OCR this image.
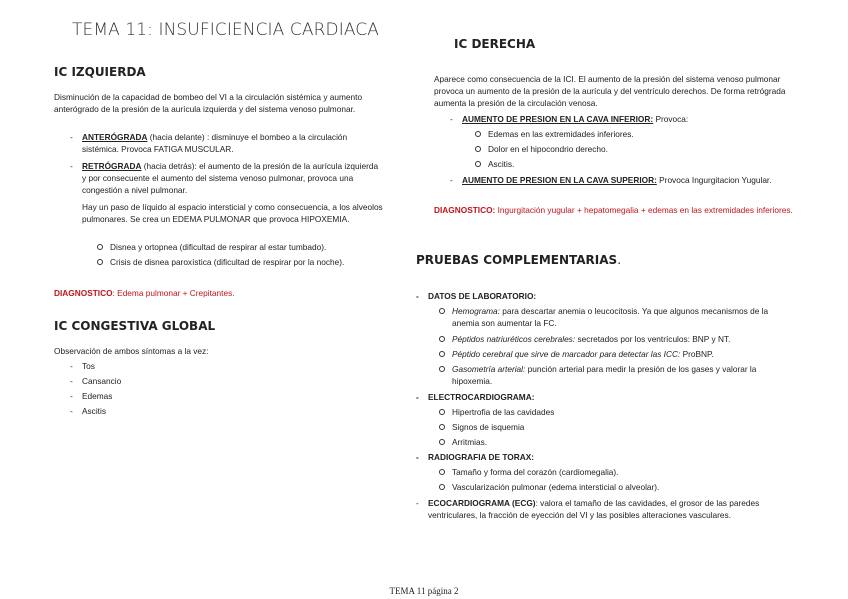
TEMA 11: INSUFICIENCIA CARDIACA
IC IZQUIERDA
Disminución de la capacidad de bombeo del VI a la circulación sistémica y aumento anterógrado de la presión de la aurícula izquierda y del sistema venoso pulmonar.
- ANTERÓGRADA (hacia delante) : disminuye el bombeo a la circulación sistémica. Provoca FATIGA MUSCULAR.
- RETRÓGRADA (hacia detrás): el aumento de la presión de la aurícula izquierda y por consecuente el aumento del sistema venoso pulmonar, provoca una congestión a nivel pulmonar.
Hay un paso de líquido al espacio intersticial y como consecuencia, a los alveolos pulmonares. Se crea un EDEMA PULMONAR que provoca HIPOXEMIA.
Disnea y ortopnea (dificultad de respirar al estar tumbado).
Crisis de disnea paroxística (dificultad de respirar por la noche).
DIAGNOSTICO: Edema pulmonar + Crepitantes.
IC CONGESTIVA GLOBAL
Observación de ambos síntomas a la vez:
- Tos
- Cansancio
- Edemas
- Ascitis
IC DERECHA
Aparece como consecuencia de la ICI. El aumento de la presión del sistema venoso pulmonar provoca un aumento de la presión de la aurícula y del ventrículo derechos. De forma retrógrada aumenta la presión de la circulación venosa.
- AUMENTO DE PRESION EN LA CAVA INFERIOR: Provoca:
Edemas en las extremidades inferiores.
Dolor en el hipocondrio derecho.
Ascitis.
- AUMENTO DE PRESION EN LA CAVA SUPERIOR: Provoca Ingurgitacion Yugular.
DIAGNOSTICO: Ingurgitación yugular + hepatomegalia + edemas en las extremidades inferiores.
PRUEBAS COMPLEMENTARIAS.
- DATOS DE LABORATORIO:
Hemograma: para descartar anemia o leucocitosis. Ya que algunos mecanismos de la anemia son aumentar la FC.
Péptidos natriuréticos cerebrales: secretados por los ventrículos: BNP y NT.
Péptido cerebral que sirve de marcador para detectar las ICC: ProBNP.
Gasometría arterial: punción arterial para medir la presión de los gases y valorar la hipoxemia.
- ELECTROCARDIOGRAMA:
Hipertrofia de las cavidades
Signos de isquemia
Arritmias.
- RADIOGRAFIA DE TORAX:
Tamaño y forma del corazón (cardiomegalia).
Vascularización pulmonar (edema intersticial o alveolar).
- ECOCARDIOGRAMA (ECG): valora el tamaño de las cavidades, el grosor de las paredes ventriculares, la fracción de eyección del VI y las posibles alteraciones vasculares.
TEMA 11 página 2
